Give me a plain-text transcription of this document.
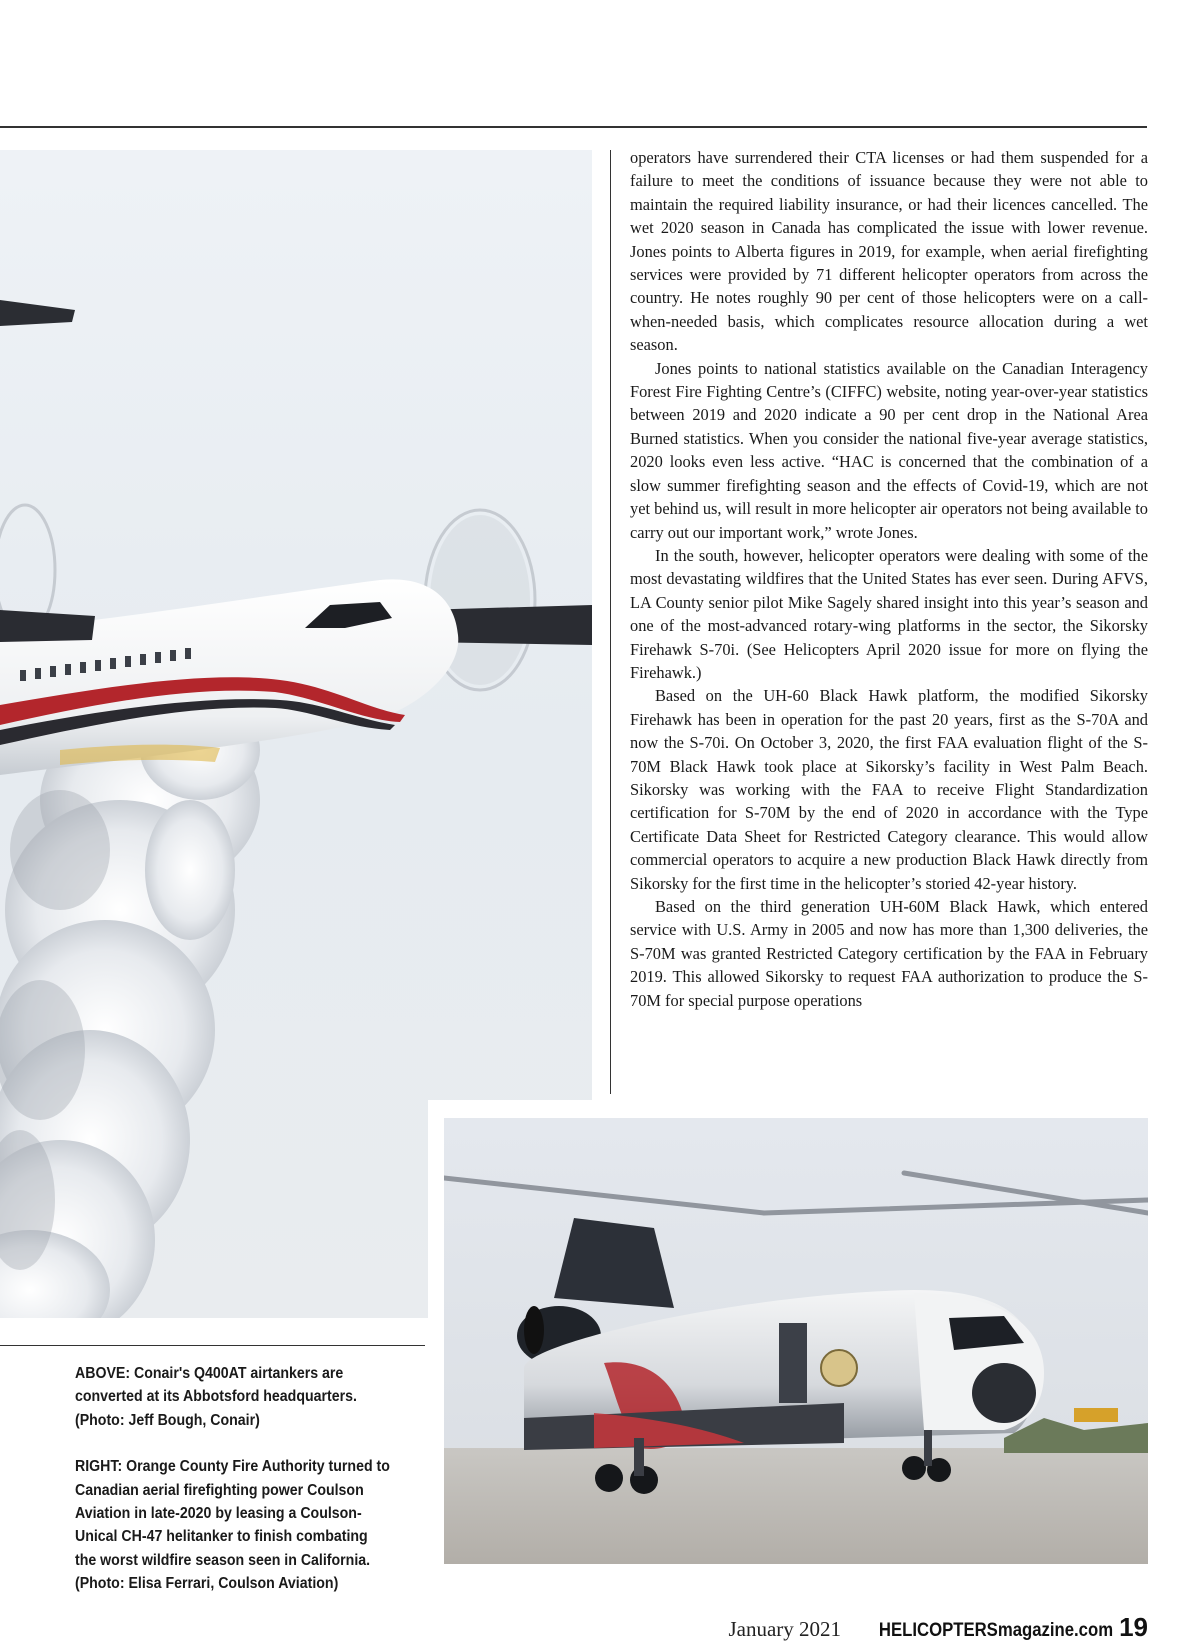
operators have surrendered their CTA licenses or had them suspended for a failure to meet the conditions of issuance because they were not able to maintain the required liability insurance, or had their licences cancelled. The wet 2020 season in Canada has complicated the issue with lower revenue. Jones points to Alberta figures in 2019, for example, when aerial firefighting services were provided by 71 different helicopter operators from across the country. He notes roughly 90 per cent of those helicopters were on a call-when-needed basis, which complicates resource allocation during a wet season.

Jones points to national statistics available on the Canadian Interagency Forest Fire Fighting Centre’s (CIFFC) website, noting year-over-year statistics between 2019 and 2020 indicate a 90 per cent drop in the National Area Burned statistics. When you consider the national five-year average statistics, 2020 looks even less active. “HAC is concerned that the combination of a slow summer firefighting season and the effects of Covid-19, which are not yet behind us, will result in more helicopter air operators not being available to carry out our important work,” wrote Jones.

In the south, however, helicopter operators were dealing with some of the most devastating wildfires that the United States has ever seen. During AFVS, LA County senior pilot Mike Sagely shared insight into this year’s season and one of the most-advanced rotary-wing platforms in the sector, the Sikorsky Firehawk S-70i. (See Helicopters April 2020 issue for more on flying the Firehawk.)

Based on the UH-60 Black Hawk platform, the modified Sikorsky Firehawk has been in operation for the past 20 years, first as the S-70A and now the S-70i. On October 3, 2020, the first FAA evaluation flight of the S-70M Black Hawk took place at Sikorsky’s facility in West Palm Beach. Sikorsky was working with the FAA to receive Flight Standardization certification for S-70M by the end of 2020 in accordance with the Type Certificate Data Sheet for Restricted Category clearance. This would allow commercial operators to acquire a new production Black Hawk directly from Sikorsky for the first time in the helicopter’s storied 42-year history.

Based on the third generation UH-60M Black Hawk, which entered service with U.S. Army in 2005 and now has more than 1,300 deliveries, the S-70M was granted Restricted Category certification by the FAA in February 2019. This allowed Sikorsky to request FAA authorization to produce the S-70M for special purpose operations

ABOVE: Conair's Q400AT airtankers are converted at its Abbotsford headquarters. (Photo: Jeff Bough, Conair)

RIGHT: Orange County Fire Authority turned to Canadian aerial firefighting power Coulson Aviation in late-2020 by leasing a Coulson-Unical CH-47 helitanker to finish combating the worst wildfire season seen in California. (Photo: Elisa Ferrari, Coulson Aviation)

January 2021 HELICOPTERSmagazine.com 19
